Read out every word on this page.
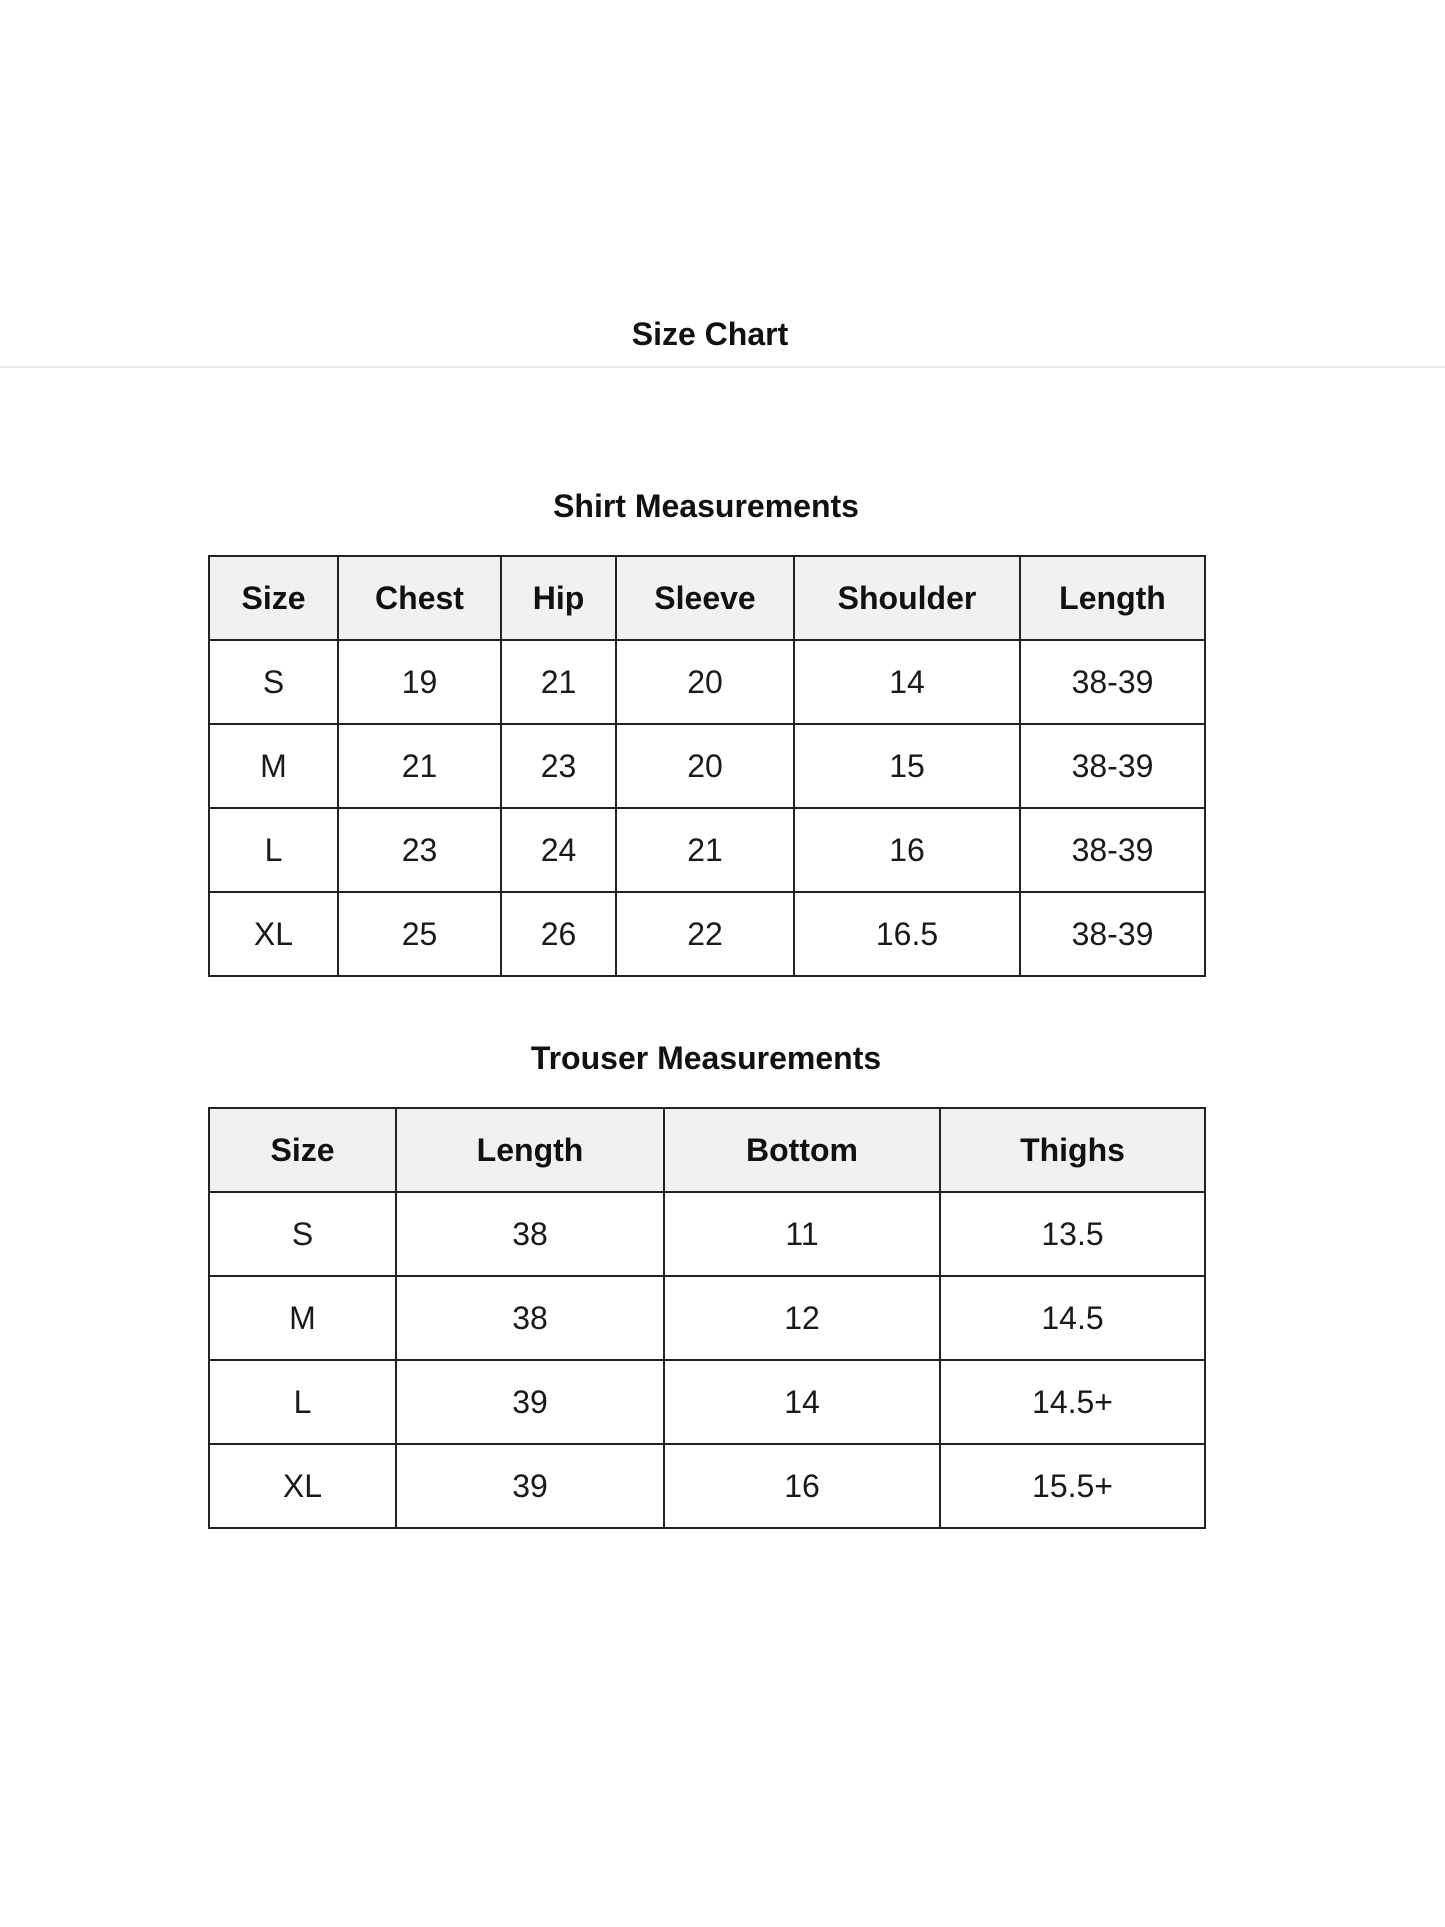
Size Chart
Shirt Measurements
Size	Chest	Hip	Sleeve	Shoulder	Length
S	19	21	20	14	38-39
M	21	23	20	15	38-39
L	23	24	21	16	38-39
XL	25	26	22	16.5	38-39
Trouser Measurements
Size	Length	Bottom	Thighs
S	38	11	13.5
M	38	12	14.5
L	39	14	14.5+
XL	39	16	15.5+
